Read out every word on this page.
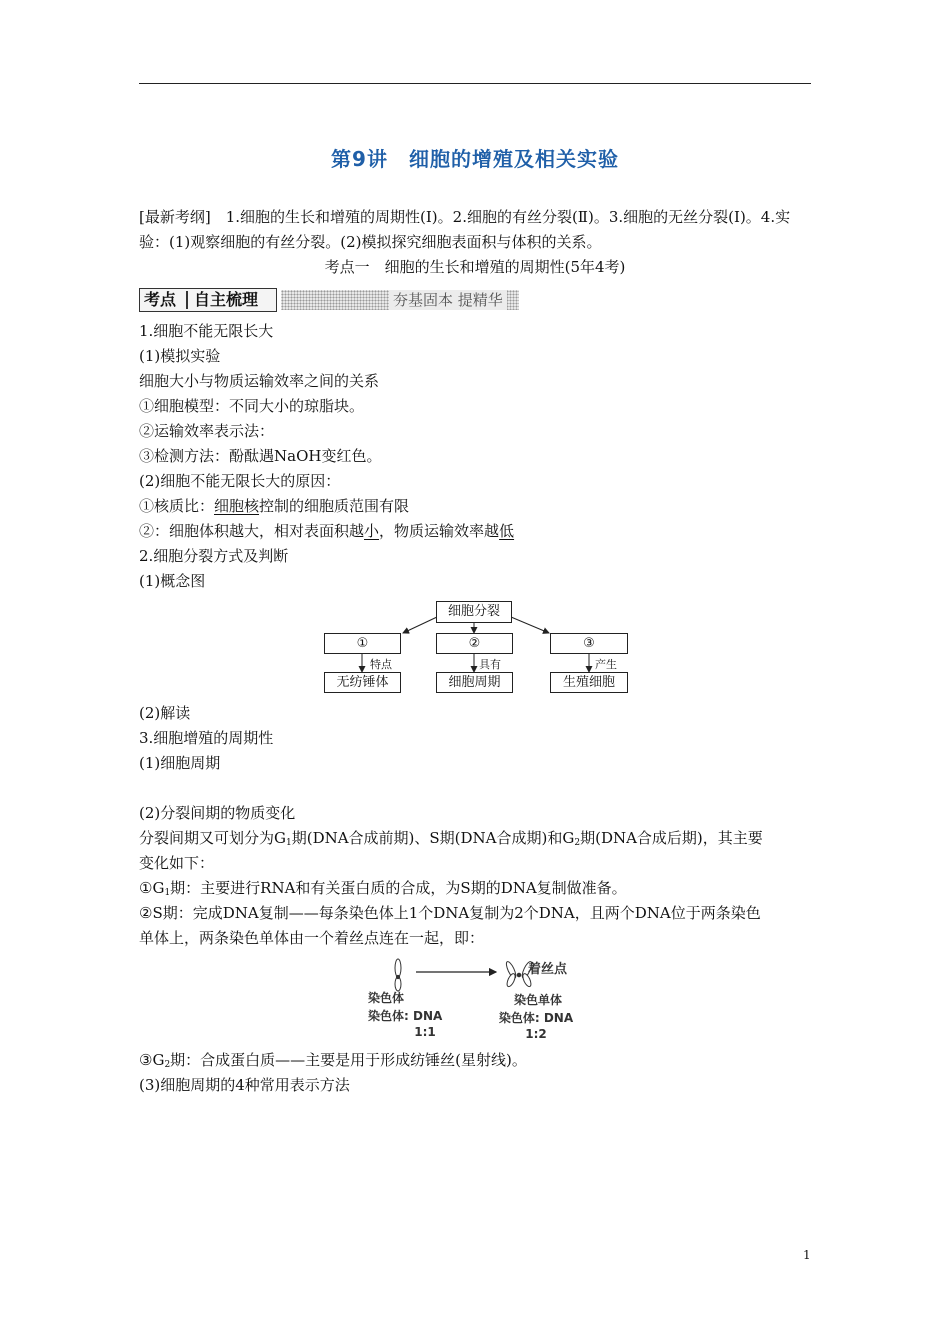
第9讲　细胞的增殖及相关实验
[最新考纲]　1.细胞的生长和增殖的周期性(Ⅰ)。2.细胞的有丝分裂(Ⅱ)。3.细胞的无丝分裂(Ⅰ)。4.实验：(1)观察细胞的有丝分裂。(2)模拟探究细胞表面积与体积的关系。
考点一　细胞的生长和增殖的周期性(5年4考)
考点 自主梳理	夯基固本 提精华
1.细胞不能无限长大
(1)模拟实验
细胞大小与物质运输效率之间的关系
①细胞模型：不同大小的琼脂块。
②运输效率表示法：
③检测方法：酚酞遇NaOH变红色。
(2)细胞不能无限长大的原因：
①核质比：细胞核控制的细胞质范围有限
②：细胞体积越大，相对表面积越小，物质运输效率越低
2.细胞分裂方式及判断
(1)概念图
细胞分裂
①	②	③
特点	具有	产生
无纺锤体	细胞周期	生殖细胞
(2)解读
3.细胞增殖的周期性
(1)细胞周期
(2)分裂间期的物质变化
分裂间期又可划分为$G_1$期(DNA合成前期)、S期(DNA合成期)和$G_2$期(DNA合成后期)，其主要
变化如下：
$①G_1$期：主要进行RNA和有关蛋白质的合成，为S期的DNA复制做准备。
②S期：完成DNA复制——每条染色体上1个DNA复制为2个DNA，且两个DNA位于两条染色
单体上，两条染色单体由一个着丝点连在一起，即：
着丝点
染色体
染色体: DNA
1:1
染色单体
染色体: DNA
1:2
$③G_2$期：合成蛋白质——主要是用于形成纺锤丝(星射线)。
(3)细胞周期的4种常用表示方法
1
